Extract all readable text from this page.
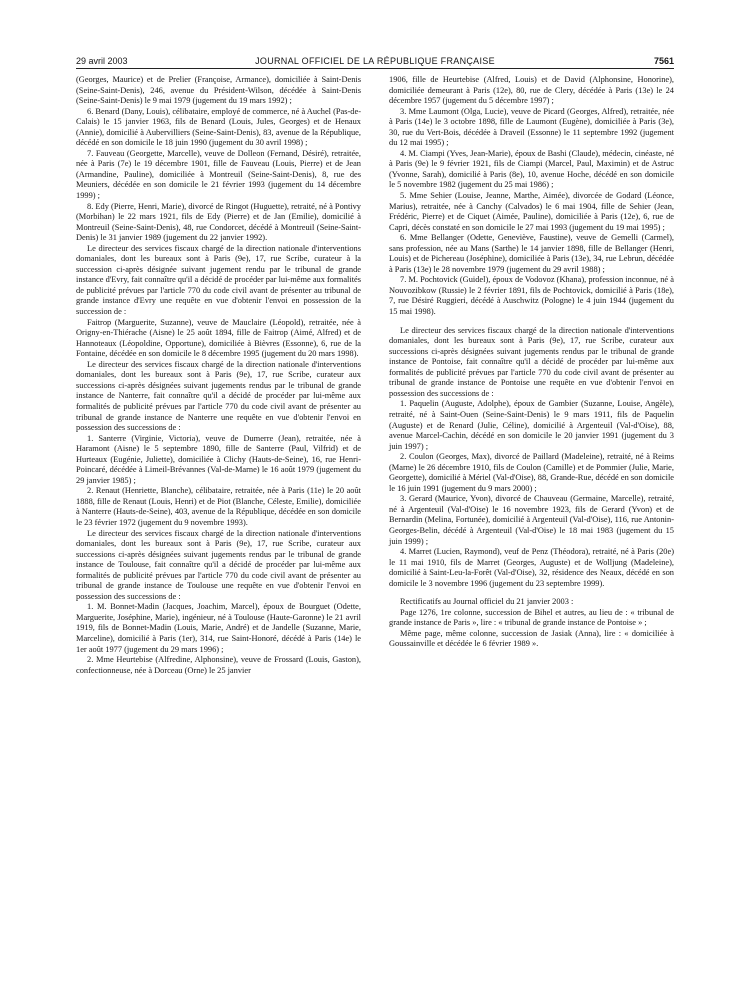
29 avril 2003	JOURNAL OFFICIEL DE LA RÉPUBLIQUE FRANÇAISE	7561

(Georges, Maurice) et de Prelier (Françoise, Armance), domiciliée à Saint-Denis (Seine-Saint-Denis), 246, avenue du Président-Wilson, décédée à Saint-Denis (Seine-Saint-Denis) le 9 mai 1979 (jugement du 19 mars 1992) ;

6. Benard (Dany, Louis), célibataire, employé de commerce, né à Auchel (Pas-de-Calais) le 15 janvier 1963, fils de Benard (Louis, Jules, Georges) et de Henaux (Annie), domicilié à Aubervilliers (Seine-Saint-Denis), 83, avenue de la République, décédé en son domicile le 18 juin 1990 (jugement du 30 avril 1998) ;

7. Fauveau (Georgette, Marcelle), veuve de Dolleon (Fernand, Désiré), retraitée, née à Paris (7e) le 19 décembre 1901, fille de Fauveau (Louis, Pierre) et de Jean (Armandine, Pauline), domiciliée à Montreuil (Seine-Saint-Denis), 8, rue des Meuniers, décédée en son domicile le 21 février 1993 (jugement du 14 décembre 1999) ;

8. Edy (Pierre, Henri, Marie), divorcé de Ringot (Huguette), retraité, né à Pontivy (Morbihan) le 22 mars 1921, fils de Edy (Pierre) et de Jan (Emilie), domicilié à Montreuil (Seine-Saint-Denis), 48, rue Condorcet, décédé à Montreuil (Seine-Saint-Denis) le 31 janvier 1989 (jugement du 22 janvier 1992).

Le directeur des services fiscaux chargé de la direction nationale d'interventions domaniales, dont les bureaux sont à Paris (9e), 17, rue Scribe, curateur à la succession ci-après désignée suivant jugement rendu par le tribunal de grande instance d'Evry, fait connaître qu'il a décidé de procéder par lui-même aux formalités de publicité prévues par l'article 770 du code civil avant de présenter au tribunal de grande instance d'Evry une requête en vue d'obtenir l'envoi en possession de la succession de :

Faitrop (Marguerite, Suzanne), veuve de Mauclaire (Léopold), retraitée, née à Origny-en-Thiérache (Aisne) le 25 août 1894, fille de Faitrop (Aimé, Alfred) et de Hannoteaux (Léopoldine, Opportune), domiciliée à Bièvres (Essonne), 6, rue de la Fontaine, décédée en son domicile le 8 décembre 1995 (jugement du 20 mars 1998).

Le directeur des services fiscaux chargé de la direction nationale d'interventions domaniales, dont les bureaux sont à Paris (9e), 17, rue Scribe, curateur aux successions ci-après désignées suivant jugements rendus par le tribunal de grande instance de Nanterre, fait connaître qu'il a décidé de procéder par lui-même aux formalités de publicité prévues par l'article 770 du code civil avant de présenter au tribunal de grande instance de Nanterre une requête en vue d'obtenir l'envoi en possession des successions de :

1. Santerre (Virginie, Victoria), veuve de Dumerre (Jean), retraitée, née à Haramont (Aisne) le 5 septembre 1890, fille de Santerre (Paul, Vilfrid) et de Hurteaux (Eugénie, Juliette), domiciliée à Clichy (Hauts-de-Seine), 16, rue Henri-Poincaré, décédée à Limeil-Brévannes (Val-de-Marne) le 16 août 1979 (jugement du 29 janvier 1985) ;

2. Renaut (Henriette, Blanche), célibataire, retraitée, née à Paris (11e) le 20 août 1888, fille de Renaut (Louis, Henri) et de Piot (Blanche, Céleste, Emilie), domiciliée à Nanterre (Hauts-de-Seine), 403, avenue de la République, décédée en son domicile le 23 février 1972 (jugement du 9 novembre 1993).

Le directeur des services fiscaux chargé de la direction nationale d'interventions domaniales, dont les bureaux sont à Paris (9e), 17, rue Scribe, curateur aux successions ci-après désignées suivant jugements rendus par le tribunal de grande instance de Toulouse, fait connaître qu'il a décidé de procéder par lui-même aux formalités de publicité prévues par l'article 770 du code civil avant de présenter au tribunal de grande instance de Toulouse une requête en vue d'obtenir l'envoi en possession des successions de :

1. M. Bonnet-Madin (Jacques, Joachim, Marcel), époux de Bourguet (Odette, Marguerite, Joséphine, Marie), ingénieur, né à Toulouse (Haute-Garonne) le 21 avril 1919, fils de Bonnet-Madin (Louis, Marie, André) et de Jandelle (Suzanne, Marie, Marceline), domicilié à Paris (1er), 314, rue Saint-Honoré, décédé à Paris (14e) le 1er août 1977 (jugement du 29 mars 1996) ;

2. Mme Heurtebise (Alfredine, Alphonsine), veuve de Frossard (Louis, Gaston), confectionneuse, née à Dorceau (Orne) le 25 janvier

1906, fille de Heurtebise (Alfred, Louis) et de David (Alphonsine, Honorine), domiciliée demeurant à Paris (12e), 80, rue de Clery, décédée à Paris (13e) le 24 décembre 1957 (jugement du 5 décembre 1997) ;

3. Mme Laumont (Olga, Lucie), veuve de Picard (Georges, Alfred), retraitée, née à Paris (14e) le 3 octobre 1898, fille de Laumont (Eugène), domiciliée à Paris (3e), 30, rue du Vert-Bois, décédée à Draveil (Essonne) le 11 septembre 1992 (jugement du 12 mai 1995) ;

4. M. Ciampi (Yves, Jean-Marie), époux de Bashi (Claude), médecin, cinéaste, né à Paris (9e) le 9 février 1921, fils de Ciampi (Marcel, Paul, Maximin) et de Astruc (Yvonne, Sarah), domicilié à Paris (8e), 10, avenue Hoche, décédé en son domicile le 5 novembre 1982 (jugement du 25 mai 1986) ;

5. Mme Sehier (Louise, Jeanne, Marthe, Aimée), divorcée de Godard (Léonce, Marius), retraitée, née à Canchy (Calvados) le 6 mai 1904, fille de Sehier (Jean, Frédéric, Pierre) et de Ciquet (Aimée, Pauline), domiciliée à Paris (12e), 6, rue de Capri, décès constaté en son domicile le 27 mai 1993 (jugement du 19 mai 1995) ;

6. Mme Bellanger (Odette, Geneviève, Faustine), veuve de Gemelli (Carmel), sans profession, née au Mans (Sarthe) le 14 janvier 1898, fille de Bellanger (Henri, Louis) et de Pichereau (Joséphine), domiciliée à Paris (13e), 34, rue Lebrun, décédée à Paris (13e) le 28 novembre 1979 (jugement du 29 avril 1988) ;

7. M. Pochtovick (Guidel), époux de Vodovoz (Khana), profession inconnue, né à Nouvozibkow (Russie) le 2 février 1891, fils de Pochtovick, domicilié à Paris (18e), 7, rue Désiré Ruggieri, décédé à Auschwitz (Pologne) le 4 juin 1944 (jugement du 15 mai 1998).

Le directeur des services fiscaux chargé de la direction nationale d'interventions domaniales, dont les bureaux sont à Paris (9e), 17, rue Scribe, curateur aux successions ci-après désignées suivant jugements rendus par le tribunal de grande instance de Pontoise, fait connaître qu'il a décidé de procéder par lui-même aux formalités de publicité prévues par l'article 770 du code civil avant de présenter au tribunal de grande instance de Pontoise une requête en vue d'obtenir l'envoi en possession des successions de :

1. Paquelin (Auguste, Adolphe), époux de Gambier (Suzanne, Louise, Angèle), retraité, né à Saint-Ouen (Seine-Saint-Denis) le 9 mars 1911, fils de Paquelin (Auguste) et de Renard (Julie, Céline), domicilié à Argenteuil (Val-d'Oise), 88, avenue Marcel-Cachin, décédé en son domicile le 20 janvier 1991 (jugement du 3 juin 1997) ;

2. Coulon (Georges, Max), divorcé de Paillard (Madeleine), retraité, né à Reims (Marne) le 26 décembre 1910, fils de Coulon (Camille) et de Pommier (Julie, Marie, Georgette), domicilié à Mériel (Val-d'Oise), 88, Grande-Rue, décédé en son domicile le 16 juin 1991 (jugement du 9 mars 2000) ;

3. Gerard (Maurice, Yvon), divorcé de Chauveau (Germaine, Marcelle), retraité, né à Argenteuil (Val-d'Oise) le 16 novembre 1923, fils de Gerard (Yvon) et de Bernardin (Melina, Fortunée), domicilié à Argenteuil (Val-d'Oise), 116, rue Antonin-Georges-Belin, décédé à Argenteuil (Val-d'Oise) le 18 mai 1983 (jugement du 15 juin 1999) ;

4. Marret (Lucien, Raymond), veuf de Penz (Théodora), retraité, né à Paris (20e) le 11 mai 1910, fils de Marret (Georges, Auguste) et de Wolljung (Madeleine), domicilié à Saint-Leu-la-Forêt (Val-d'Oise), 32, résidence des Neaux, décédé en son domicile le 3 novembre 1996 (jugement du 23 septembre 1999).

Rectificatifs au Journal officiel du 21 janvier 2003 :

Page 1276, 1re colonne, succession de Bihel et autres, au lieu de : « tribunal de grande instance de Paris », lire : « tribunal de grande instance de Pontoise » ;

Même page, même colonne, succession de Jasiak (Anna), lire : « domiciliée à Goussainville et décédée le 6 février 1989 ».
